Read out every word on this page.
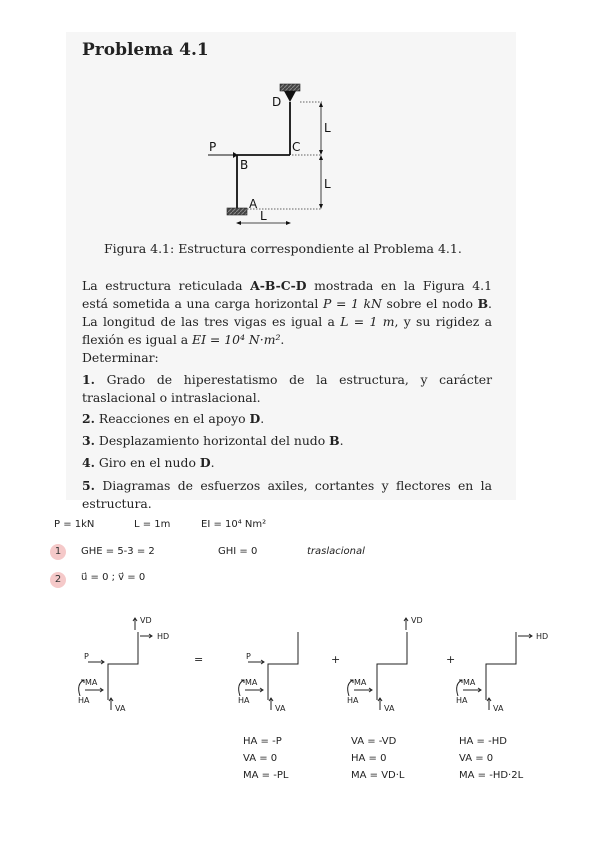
Problema 4.1
D
C
B
A
P
L
L
L
Figura 4.1: Estructura correspondiente al Problema 4.1.

La estructura reticulada A-B-C-D mostrada en la Figura 4.1 está sometida a una carga horizontal P = 1 kN sobre el nodo B. La longitud de las tres vigas es igual a L = 1 m, y su rigidez a flexión es igual a EI = 10⁴ N·m².

Determinar:

1. Grado de hiperestatismo de la estructura, y carácter traslacional o intraslacional.

2. Reacciones en el apoyo D.

3. Desplazamiento horizontal del nudo B.

4. Giro en el nudo D.

5. Diagramas de esfuerzos axiles, cortantes y flectores en la estructura.

P = 1kN	L = 1m	EI = 10⁴ Nm²
1	GHE = 5-3 = 2	GHI = 0	traslacional
2	u⃗ = 0 ; v⃗ = 0
VD
HD
P
MA
HA
VA
=	P
MA
HA
VA
+
VD
MA
HA
VA
+
HD
MA
HA
VA
HA = -P
VA = 0
MA = -PL
VA = -VD
HA = 0
MA = VD·L
HA = -HD
VA = 0
MA = -HD·2L
